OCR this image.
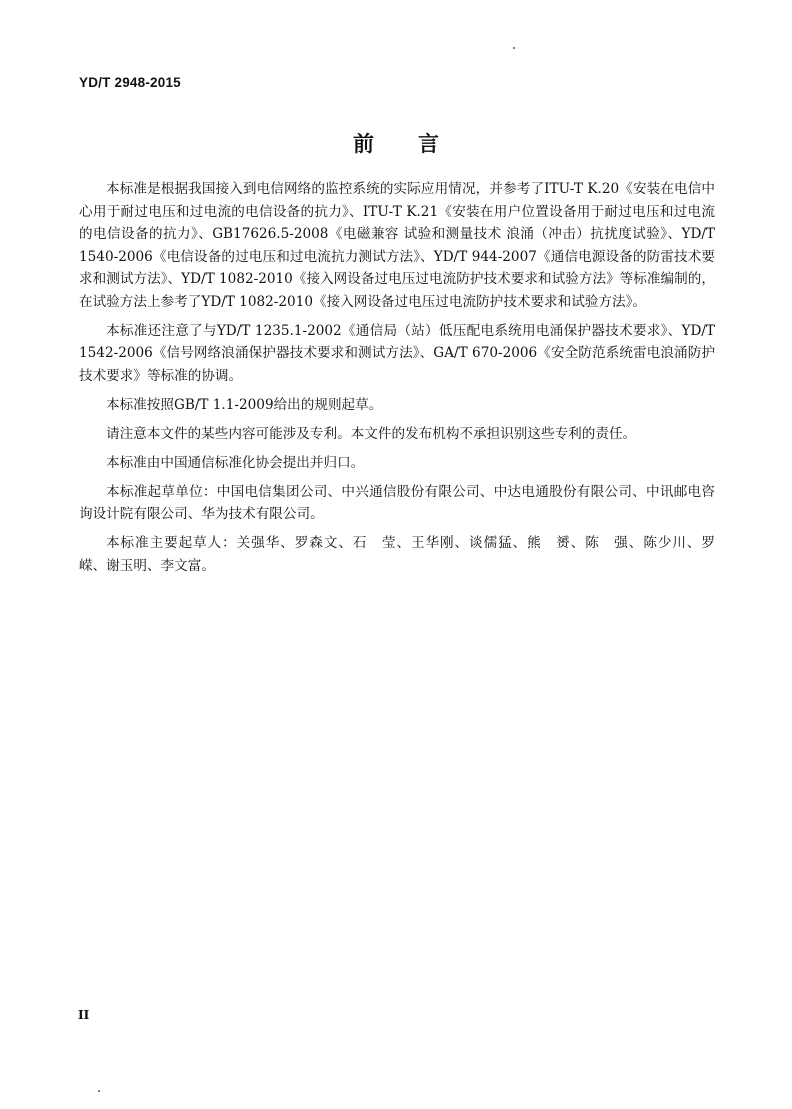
YD/T 2948-2015
前 言

本标准是根据我国接入到电信网络的监控系统的实际应用情况，并参考了ITU-T K.20《安装在电信中心用于耐过电压和过电流的电信设备的抗力》、ITU-T K.21《安装在用户位置设备用于耐过电压和过电流的电信设备的抗力》、GB17626.5-2008《电磁兼容 试验和测量技术 浪涌（冲击）抗扰度试验》、YD/T 1540-2006《电信设备的过电压和过电流抗力测试方法》、YD/T 944-2007《通信电源设备的防雷技术要求和测试方法》、YD/T 1082-2010《接入网设备过电压过电流防护技术要求和试验方法》等标准编制的，在试验方法上参考了YD/T 1082-2010《接入网设备过电压过电流防护技术要求和试验方法》。

本标准还注意了与YD/T 1235.1-2002《通信局（站）低压配电系统用电涌保护器技术要求》、YD/T 1542-2006《信号网络浪涌保护器技术要求和测试方法》、GA/T 670-2006《安全防范系统雷电浪涌防护技术要求》等标准的协调。

本标准按照GB/T 1.1-2009给出的规则起草。

请注意本文件的某些内容可能涉及专利。本文件的发布机构不承担识别这些专利的责任。

本标准由中国通信标准化协会提出并归口。

本标准起草单位：中国电信集团公司、中兴通信股份有限公司、中达电通股份有限公司、中讯邮电咨询设计院有限公司、华为技术有限公司。

本标准主要起草人：关强华、罗森文、石　莹、王华刚、谈儒猛、熊　赟、陈　强、陈少川、罗　嵘、谢玉明、李文富。

II
